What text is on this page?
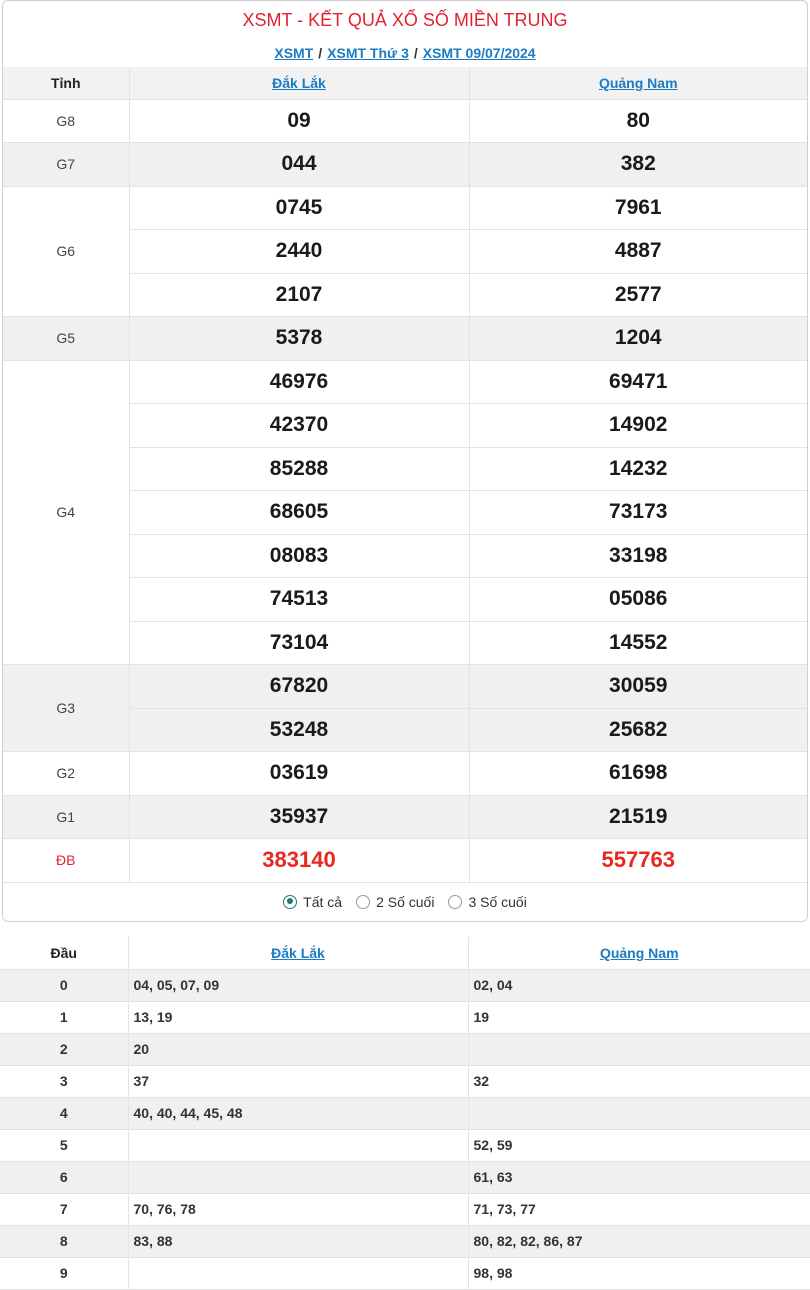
XSMT - KẾT QUẢ XỔ SỐ MIỀN TRUNG
XSMT / XSMT Thứ 3 / XSMT 09/07/2024
Tỉnh	Đắk Lắk	Quảng Nam
G8	09	80
G7	044	382
G6	0745	7961
	2440	4887
	2107	2577
G5	5378	1204
G4	46976	69471
	42370	14902
	85288	14232
	68605	73173
	08083	33198
	74513	05086
	73104	14552
G3	67820	30059
	53248	25682
G2	03619	61698
G1	35937	21519
ĐB	383140	557763
Tất cả 2 Số cuối 3 Số cuối
Đầu	Đắk Lắk	Quảng Nam
0	04, 05, 07, 09	02, 04
1	13, 19	19
2	20	
3	37	32
4	40, 40, 44, 45, 48	
5		52, 59
6		61, 63
7	70, 76, 78	71, 73, 77
8	83, 88	80, 82, 82, 86, 87
9		98, 98
